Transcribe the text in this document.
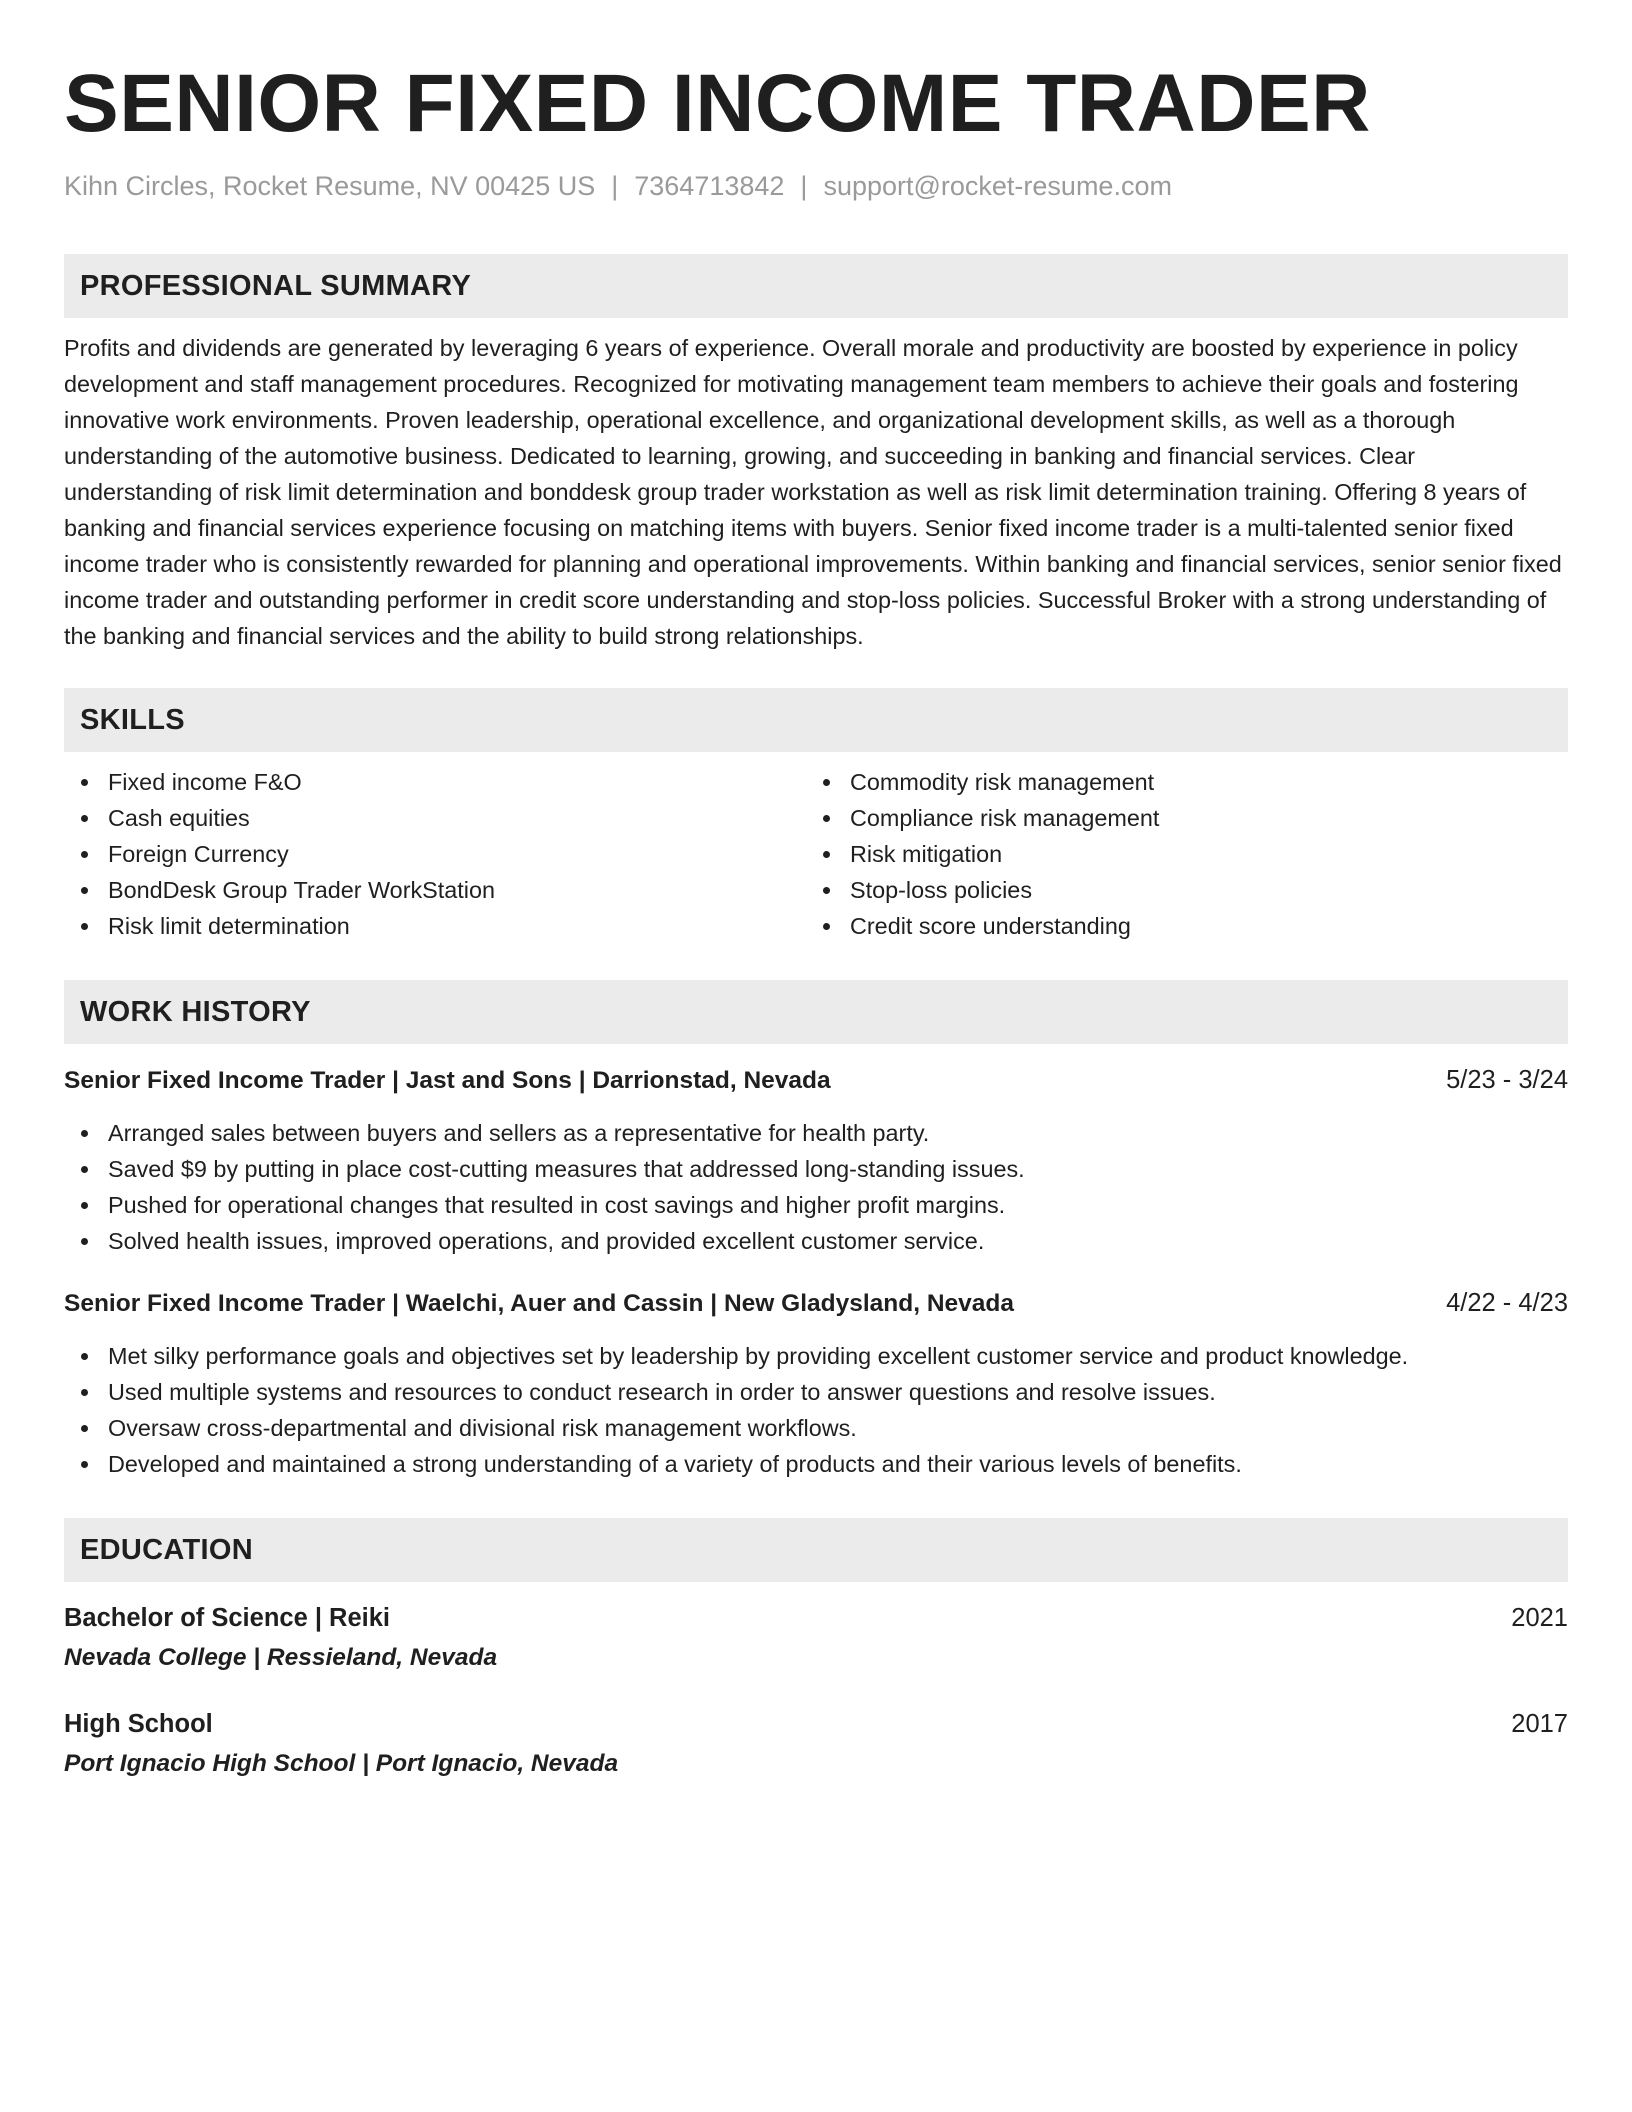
SENIOR FIXED INCOME TRADER
Kihn Circles, Rocket Resume, NV 00425 US | 7364713842 | support@rocket-resume.com
PROFESSIONAL SUMMARY

Profits and dividends are generated by leveraging 6 years of experience. Overall morale and productivity are boosted by experience in policy development and staff management procedures. Recognized for motivating management team members to achieve their goals and fostering innovative work environments. Proven leadership, operational excellence, and organizational development skills, as well as a thorough understanding of the automotive business. Dedicated to learning, growing, and succeeding in banking and financial services. Clear understanding of risk limit determination and bonddesk group trader workstation as well as risk limit determination training. Offering 8 years of banking and financial services experience focusing on matching items with buyers. Senior fixed income trader is a multi-talented senior fixed income trader who is consistently rewarded for planning and operational improvements. Within banking and financial services, senior senior fixed income trader and outstanding performer in credit score understanding and stop-loss policies. Successful Broker with a strong understanding of the banking and financial services and the ability to build strong relationships.

SKILLS
Fixed income F&O
Cash equities
Foreign Currency
BondDesk Group Trader WorkStation
Risk limit determination
Commodity risk management
Compliance risk management
Risk mitigation
Stop-loss policies
Credit score understanding
WORK HISTORY
Senior Fixed Income Trader | Jast and Sons | Darrionstad, Nevada	5/23 - 3/24
Arranged sales between buyers and sellers as a representative for health party.
Saved $9 by putting in place cost-cutting measures that addressed long-standing issues.
Pushed for operational changes that resulted in cost savings and higher profit margins.
Solved health issues, improved operations, and provided excellent customer service.
Senior Fixed Income Trader | Waelchi, Auer and Cassin | New Gladysland, Nevada	4/22 - 4/23
Met silky performance goals and objectives set by leadership by providing excellent customer service and product knowledge.
Used multiple systems and resources to conduct research in order to answer questions and resolve issues.
Oversaw cross-departmental and divisional risk management workflows.
Developed and maintained a strong understanding of a variety of products and their various levels of benefits.
EDUCATION
Bachelor of Science | Reiki	2021
Nevada College | Ressieland, Nevada
High School	2017
Port Ignacio High School | Port Ignacio, Nevada
